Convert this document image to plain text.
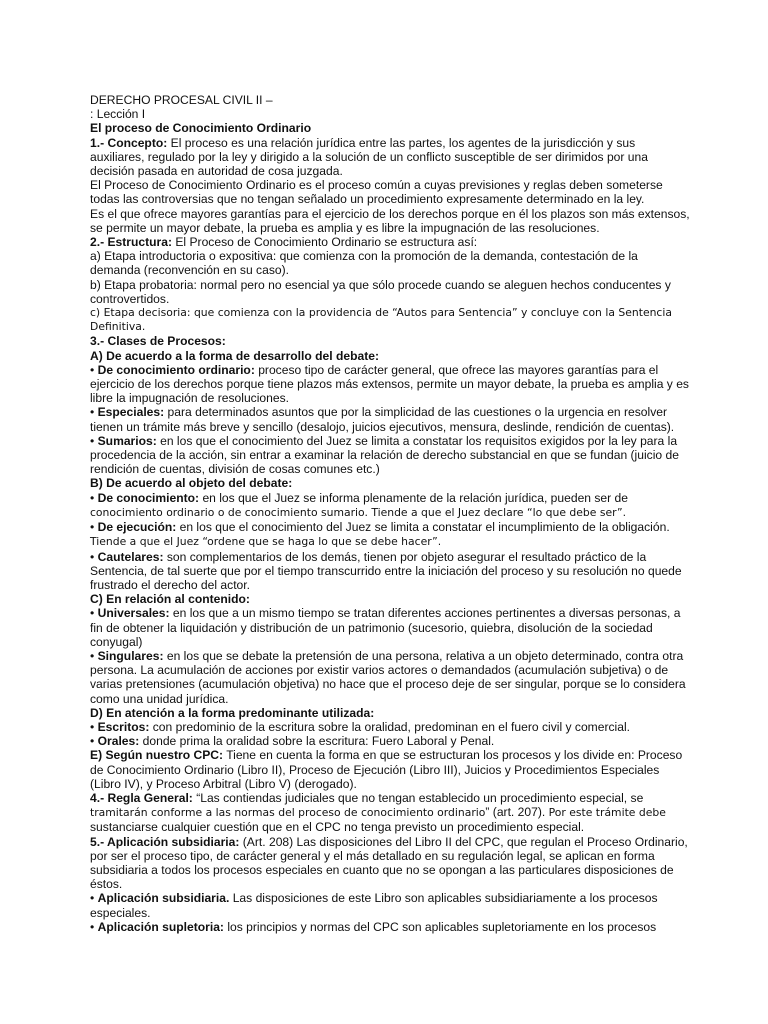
DERECHO PROCESAL CIVIL II –

: Lección I

El proceso de Conocimiento Ordinario

1.- Concepto: El proceso es una relación jurídica entre las partes, los agentes de la jurisdicción y sus auxiliares, regulado por la ley y dirigido a la solución de un conflicto susceptible de ser dirimidos por una decisión pasada en autoridad de cosa juzgada.

El Proceso de Conocimiento Ordinario es el proceso común a cuyas previsiones y reglas deben someterse todas las controversias que no tengan señalado un procedimiento expresamente determinado en la ley.

Es el que ofrece mayores garantías para el ejercicio de los derechos porque en él los plazos son más extensos, se permite un mayor debate, la prueba es amplia y es libre la impugnación de las resoluciones.

2.- Estructura: El Proceso de Conocimiento Ordinario se estructura así:

a) Etapa introductoria o expositiva: que comienza con la promoción de la demanda, contestación de la demanda (reconvención en su caso).

b) Etapa probatoria: normal pero no esencial ya que sólo procede cuando se aleguen hechos conducentes y controvertidos.

c) Etapa decisoria: que comienza con la providencia de “Autos para Sentencia” y concluye con la Sentencia Definitiva.

3.- Clases de Procesos:

A) De acuerdo a la forma de desarrollo del debate:

• De conocimiento ordinario: proceso tipo de carácter general, que ofrece las mayores garantías para el ejercicio de los derechos porque tiene plazos más extensos, permite un mayor debate, la prueba es amplia y es libre la impugnación de resoluciones.

• Especiales: para determinados asuntos que por la simplicidad de las cuestiones o la urgencia en resolver tienen un trámite más breve y sencillo (desalojo, juicios ejecutivos, mensura, deslinde, rendición de cuentas).

• Sumarios: en los que el conocimiento del Juez se limita a constatar los requisitos exigidos por la ley para la procedencia de la acción, sin entrar a examinar la relación de derecho substancial en que se fundan (juicio de rendición de cuentas, división de cosas comunes etc.)

B) De acuerdo al objeto del debate:

• De conocimiento: en los que el Juez se informa plenamente de la relación jurídica, pueden ser de
conocimiento ordinario o de conocimiento sumario. Tiende a que el Juez declare “lo que debe ser”.

• De ejecución: en los que el conocimiento del Juez se limita a constatar el incumplimiento de la obligación.
Tiende a que el Juez “ordene que se haga lo que se debe hacer”.

• Cautelares: son complementarios de los demás, tienen por objeto asegurar el resultado práctico de la Sentencia, de tal suerte que por el tiempo transcurrido entre la iniciación del proceso y su resolución no quede frustrado el derecho del actor.

C) En relación al contenido:

• Universales: en los que a un mismo tiempo se tratan diferentes acciones pertinentes a diversas personas, a fin de obtener la liquidación y distribución de un patrimonio (sucesorio, quiebra, disolución de la sociedad conyugal)

• Singulares: en los que se debate la pretensión de una persona, relativa a un objeto determinado, contra otra persona. La acumulación de acciones por existir varios actores o demandados (acumulación subjetiva) o de varias pretensiones (acumulación objetiva) no hace que el proceso deje de ser singular, porque se lo considera como una unidad jurídica.

D) En atención a la forma predominante utilizada:

• Escritos: con predominio de la escritura sobre la oralidad, predominan en el fuero civil y comercial.

• Orales: donde prima la oralidad sobre la escritura: Fuero Laboral y Penal.

E) Según nuestro CPC: Tiene en cuenta la forma en que se estructuran los procesos y los divide en: Proceso de Conocimiento Ordinario (Libro II), Proceso de Ejecución (Libro III), Juicios y Procedimientos Especiales (Libro IV), y Proceso Arbitral (Libro V) (derogado).

4.- Regla General: “Las contiendas judiciales que no tengan establecido un procedimiento especial, se
tramitarán conforme a las normas del proceso de conocimiento ordinario” (art. 207). Por este trámite debe
sustanciarse cualquier cuestión que en el CPC no tenga previsto un procedimiento especial.

5.- Aplicación subsidiaria: (Art. 208) Las disposiciones del Libro II del CPC, que regulan el Proceso Ordinario, por ser el proceso tipo, de carácter general y el más detallado en su regulación legal, se aplican en forma subsidiaria a todos los procesos especiales en cuanto que no se opongan a las particulares disposiciones de éstos.

• Aplicación subsidiaria. Las disposiciones de este Libro son aplicables subsidiariamente a los procesos especiales.

• Aplicación supletoria: los principios y normas del CPC son aplicables supletoriamente en los procesos
